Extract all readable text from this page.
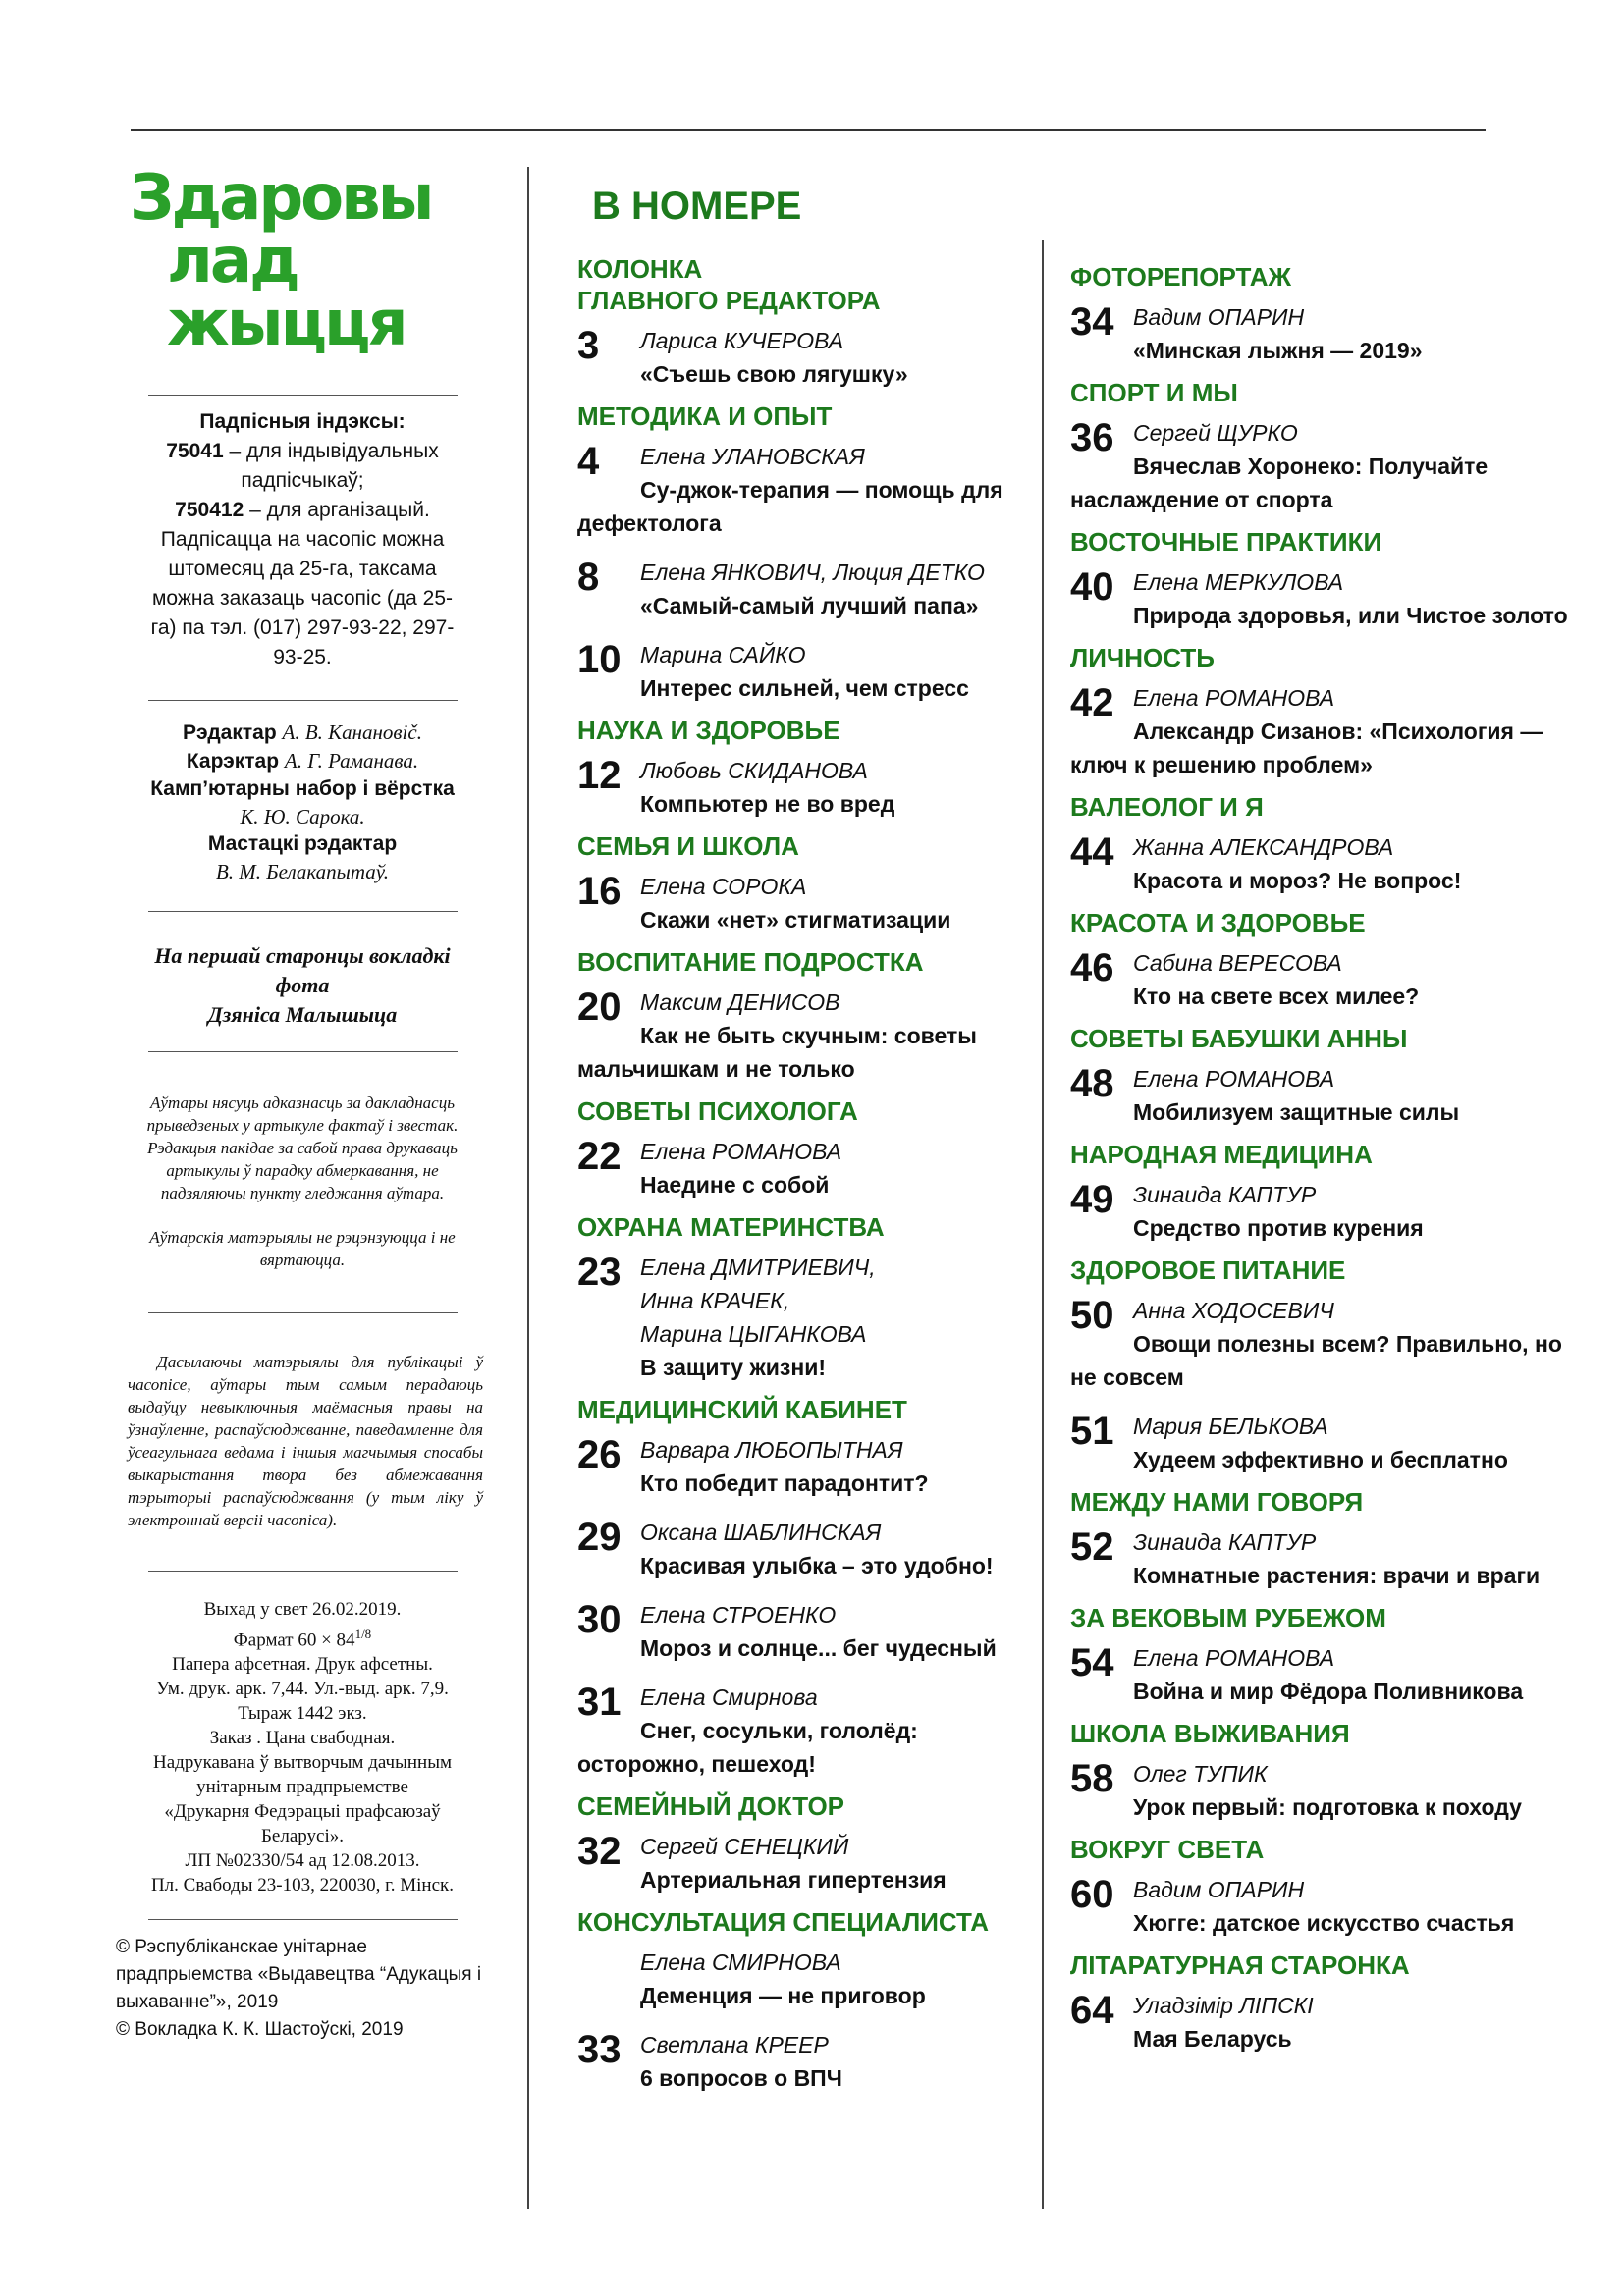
Здаровы
лад жыцця
Падпісныя індэксы:
75041 – для індывідуальных падпісчыкаў;
750412 – для арганізацый.
Падпісацца на часопіс можна штомесяц да 25-га, таксама можна заказаць часопіс (да 25-га) па тэл. (017) 297-93-22, 297-93-25.
Рэдактар А. В. Канановіč.
Карэктар А. Г. Раманава.
Камп’ютарны набор і вёрстка
К. Ю. Сарока.
Мастацкі рэдактар
В. М. Белакапытаў.
На першай старонцы вокладкі
фота
Дзяніса Малышыца
Аўтары нясуць адказнасць за дакладнасць прыведзеных у артыкуле фактаў і звестак. Рэдакцыя пакідае за сабой права друкаваць артыкулы ў парадку абмеркавання, не падзяляючы пункту гледжання аўтара.
Аўтарскія матэрыялы не рэцэнзуюцца і не вяртаюцца.
Дасылаючы матэрыялы для публікацыі ў часопісе, аўтары тым самым перадаюць выдаўцу невыключныя маёмасныя правы на ўзнаўленне, распаўсюджванне, паведамленне для ўсеагульнага ведама і іншыя магчымыя спосабы выкарыстання твора без абмежавання тэрыторыі распаўсюджвання (у тым ліку ў электроннай версіі часопіса).
Выхад у свет 26.02.2019.
Фармат $60 \times 84^{1/8}$
Папера афсетная. Друк афсетны.
Ум. друк. арк. 7,44. Ул.-выд. арк. 7,9.
Тыраж 1442 экз.
Заказ . Цана свабодная.
Надрукавана ў вытворчым дачынным
унітарным прадпрыемстве
«Друкарня Федэрацыі прафсаюзаў
Беларусі».
ЛП №02330/54 ад 12.08.2013.
Пл. Свабоды 23-103, 220030, г. Мінск.
© Рэспубліканскае унітарнае прадпрыемства «Выдавецтва “Адукацыя і выхаванне”», 2019
© Вокладка К. К. Шастоўскі, 2019
В НОМЕРЕ
КОЛОНКА
ГЛАВНОГО РЕДАКТОРА
3 Лариса КУЧЕРОВА
«Съешь свою лягушку»
МЕТОДИКА И ОПЫТ
4 Елена УЛАНОВСКАЯ
Су-джок-терапия — помощь для
дефектолога
8 Елена ЯНКОВИЧ, Люция ДЕТКО
«Самый-самый лучший папа»
10 Марина САЙКО
Интерес сильней, чем стресс
НАУКА И ЗДОРОВЬЕ
12 Любовь СКИДАНОВА
Компьютер не во вред
СЕМЬЯ И ШКОЛА
16 Елена СОРОКА
Скажи «нет» стигматизации
ВОСПИТАНИЕ ПОДРОСТКА
20 Максим ДЕНИСОВ
Как не быть скучным: советы
мальчишкам и не только
СОВЕТЫ ПСИХОЛОГА
22 Елена РОМАНОВА
Наедине с собой
ОХРАНА МАТЕРИНСТВА
23 Елена ДМИТРИЕВИЧ,
Инна КРАЧЕК,
Марина ЦЫГАНКОВА
В защиту жизни!
МЕДИЦИНСКИЙ КАБИНЕТ
26 Варвара ЛЮБОПЫТНАЯ
Кто победит парадонтит?
29 Оксана ШАБЛИНСКАЯ
Красивая улыбка – это удобно!
30 Елена СТРОЕНКО
Мороз и солнце... бег чудесный
31 Елена Смирнова
Снег, сосульки, гололёд:
осторожно, пешеход!
СЕМЕЙНЫЙ ДОКТОР
32 Сергей СЕНЕЦКИЙ
Артериальная гипертензия
КОНСУЛЬТАЦИЯ СПЕЦИАЛИСТА
Елена СМИРНОВА
Деменция — не приговор
33 Светлана КРЕЕР
6 вопросов о ВПЧ
ФОТОРЕПОРТАЖ
34 Вадим ОПАРИН
«Минская лыжня — 2019»
СПОРТ И МЫ
36 Сергей ЩУРКО
Вячеслав Хоронеко: Получайте
наслаждение от спорта
ВОСТОЧНЫЕ ПРАКТИКИ
40 Елена МЕРКУЛОВА
Природа здоровья, или Чистое золото
ЛИЧНОСТЬ
42 Елена РОМАНОВА
Александр Сизанов: «Психология —
ключ к решению проблем»
ВАЛЕОЛОГ И Я
44 Жанна АЛЕКСАНДРОВА
Красота и мороз? Не вопрос!
КРАСОТА И ЗДОРОВЬЕ
46 Сабина ВЕРЕСОВА
Кто на свете всех милее?
СОВЕТЫ БАБУШКИ АННЫ
48 Елена РОМАНОВА
Мобилизуем защитные силы
НАРОДНАЯ МЕДИЦИНА
49 Зинаида КАПТУР
Средство против курения
ЗДОРОВОЕ ПИТАНИЕ
50 Анна ХОДОСЕВИЧ
Овощи полезны всем? Правильно, но
не совсем
51 Мария БЕЛЬКОВА
Худеем эффективно и бесплатно
МЕЖДУ НАМИ ГОВОРЯ
52 Зинаида КАПТУР
Комнатные растения: врачи и враги
ЗА ВЕКОВЫМ РУБЕЖОМ
54 Елена РОМАНОВА
Война и мир Фёдора Поливникова
ШКОЛА ВЫЖИВАНИЯ
58 Олег ТУПИК
Урок первый: подготовка к походу
ВОКРУГ СВЕТА
60 Вадим ОПАРИН
Хюгге: датское искусство счастья
ЛІТАРАТУРНАЯ СТАРОНКА
64 Уладзімір ЛІПСКІ
Мая Беларусь
